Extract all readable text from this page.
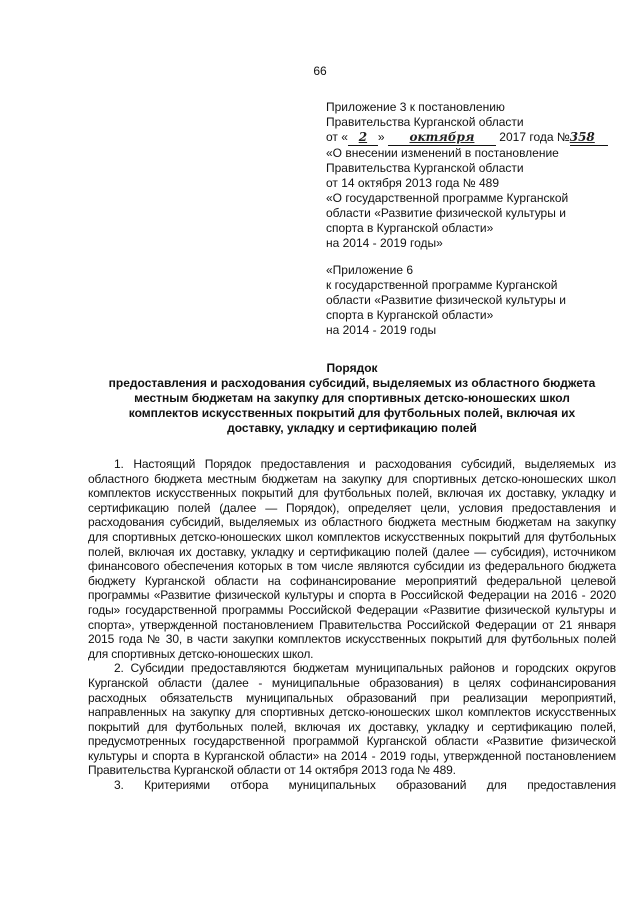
66
Приложение 3 к постановлению
Правительства Курганской области
от « 2 » октября 2017 года №358
«О внесении изменений в постановление
Правительства Курганской области
от 14 октября 2013 года № 489
«О государственной программе Курганской
области «Развитие физической культуры и
спорта в Курганской области»
на 2014 - 2019 годы»
«Приложение 6
к государственной программе Курганской
области «Развитие физической культуры и
спорта в Курганской области»
на 2014 - 2019 годы
Порядок
предоставления и расходования субсидий, выделяемых из областного бюджета
местным бюджетам на закупку для спортивных детско-юношеских школ
комплектов искусственных покрытий для футбольных полей, включая их
доставку, укладку и сертификацию полей

1. Настоящий Порядок предоставления и расходования субсидий, выделяемых из областного бюджета местным бюджетам на закупку для спортивных детско-юношеских школ комплектов искусственных покрытий для футбольных полей, включая их доставку, укладку и сертификацию полей (далее — Порядок), определяет цели, условия предоставления и расходования субсидий, выделяемых из областного бюджета местным бюджетам на закупку для спортивных детско-юношеских школ комплектов искусственных покрытий для футбольных полей, включая их доставку, укладку и сертификацию полей (далее — субсидия), источником финансового обеспечения которых в том числе являются субсидии из федерального бюджета бюджету Курганской области на софинансирование мероприятий федеральной целевой программы «Развитие физической культуры и спорта в Российской Федерации на 2016 - 2020 годы» государственной программы Российской Федерации «Развитие физической культуры и спорта», утвержденной постановлением Правительства Российской Федерации от 21 января 2015 года № 30, в части закупки комплектов искусственных покрытий для футбольных полей для спортивных детско-юношеских школ.

2. Субсидии предоставляются бюджетам муниципальных районов и городских округов Курганской области (далее - муниципальные образования) в целях софинансирования расходных обязательств муниципальных образований при реализации мероприятий, направленных на закупку для спортивных детско-юношеских школ комплектов искусственных покрытий для футбольных полей, включая их доставку, укладку и сертификацию полей, предусмотренных государственной программой Курганской области «Развитие физической культуры и спорта в Курганской области» на 2014 - 2019 годы, утвержденной постановлением Правительства Курганской области от 14 октября 2013 года № 489.

3. Критериями отбора муниципальных образований для предоставления
